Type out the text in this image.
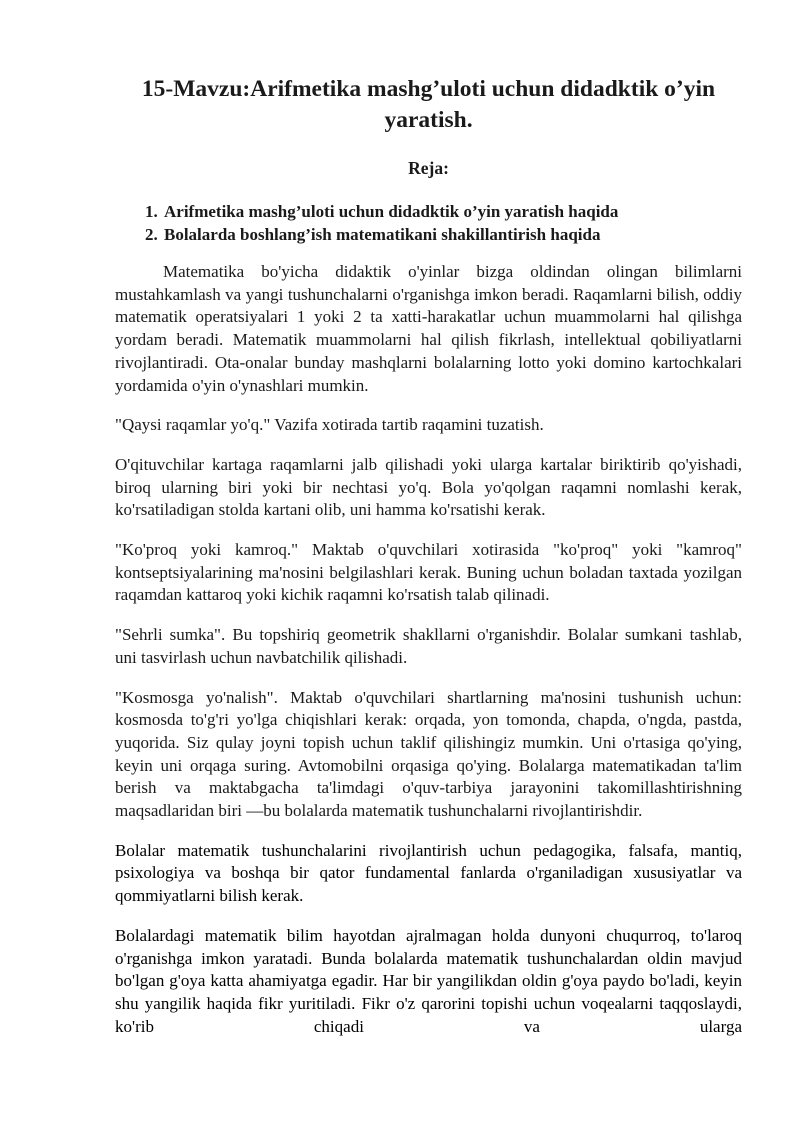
15-Mavzu:Arifmetika mashg’uloti uchun didadktik o’yin yaratish.
Reja:
1. Arifmetika mashg’uloti uchun didadktik o’yin yaratish haqida
2. Bolalarda boshlang’ish matematikani shakillantirish haqida

Matematika bo'yicha didaktik o'yinlar bizga oldindan olingan bilimlarni mustahkamlash va yangi tushunchalarni o'rganishga imkon beradi. Raqamlarni bilish, oddiy matematik operatsiyalari 1 yoki 2 ta xatti-harakatlar uchun muammolarni hal qilishga yordam beradi. Matematik muammolarni hal qilish fikrlash, intellektual qobiliyatlarni rivojlantiradi. Ota-onalar bunday mashqlarni bolalarning lotto yoki domino kartochkalari yordamida o'yin o'ynashlari mumkin.

"Qaysi raqamlar yo'q." Vazifa xotirada tartib raqamini tuzatish.

O'qituvchilar kartaga raqamlarni jalb qilishadi yoki ularga kartalar biriktirib qo'yishadi, biroq ularning biri yoki bir nechtasi yo'q. Bola yo'qolgan raqamni nomlashi kerak, ko'rsatiladigan stolda kartani olib, uni hamma ko'rsatishi kerak.

"Ko'proq yoki kamroq." Maktab o'quvchilari xotirasida "ko'proq" yoki "kamroq" kontseptsiyalarining ma'nosini belgilashlari kerak. Buning uchun boladan taxtada yozilgan raqamdan kattaroq yoki kichik raqamni ko'rsatish talab qilinadi.

"Sehrli sumka". Bu topshiriq geometrik shakllarni o'rganishdir. Bolalar sumkani tashlab, uni tasvirlash uchun navbatchilik qilishadi.

"Kosmosga yo'nalish". Maktab o'quvchilari shartlarning ma'nosini tushunish uchun: kosmosda to'g'ri yo'lga chiqishlari kerak: orqada, yon tomonda, chapda, o'ngda, pastda, yuqorida. Siz qulay joyni topish uchun taklif qilishingiz mumkin. Uni o'rtasiga qo'ying, keyin uni orqaga suring. Avtomobilni orqasiga qo'ying. Bolalarga matematikadan ta'lim berish va maktabgacha ta'limdagi o'quv-tarbiya jarayonini takomillashtirishning maqsadlaridan biri —bu bolalarda matematik tushunchalarni rivojlantirishdir.

Bolalar matematik tushunchalarini rivojlantirish uchun pedagogika, falsafa, mantiq, psixologiya va boshqa bir qator fundamental fanlarda o'rganiladigan xususiyatlar va qommiyatlarni bilish kerak.

Bolalardagi matematik bilim hayotdan ajralmagan holda dunyoni chuqurroq, to'laroq o'rganishga imkon yaratadi. Bunda bolalarda matematik tushunchalardan oldin mavjud bo'lgan g'oya katta ahamiyatga egadir. Har bir yangilikdan oldin g'oya paydo bo'ladi, keyin shu yangilik haqida fikr yuritiladi. Fikr o'z qarorini topishi uchun voqealarni taqqoslaydi, ko'rib chiqadi va ularga
